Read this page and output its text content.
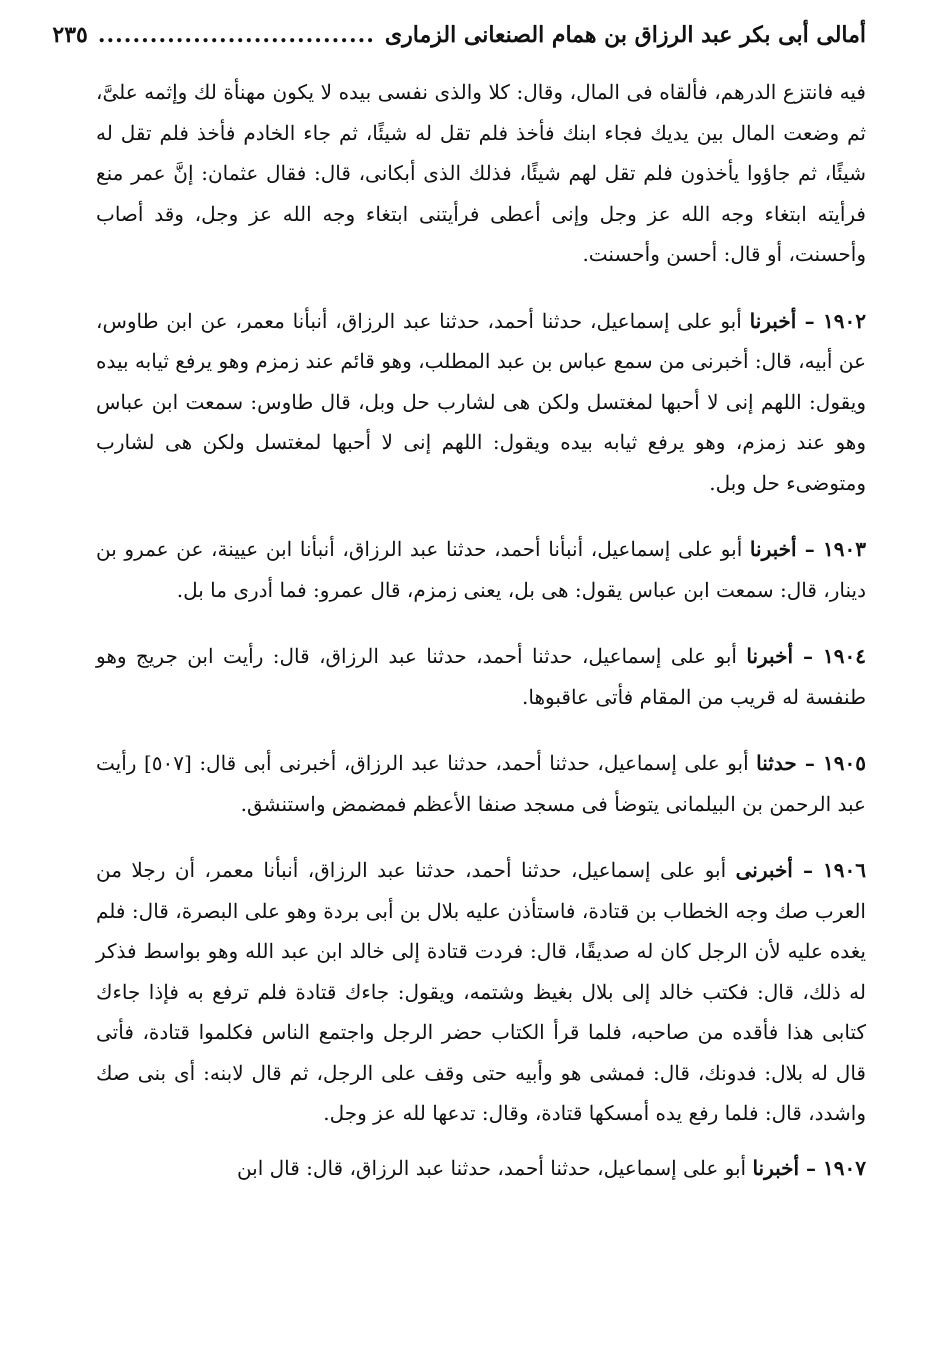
أمالى أبى بكر عبد الرزاق بن همام الصنعانى الزمارى
................................
٢٣٥

فيه فانتزع الدرهم، فألقاه فى المال، وقال: كلا والذى نفسى بيده لا يكون مهنأة لك وإثمه علىَّ، ثم وضعت المال بين يديك فجاء ابنك فأخذ فلم تقل له شيئًا، ثم جاء الخادم فأخذ فلم تقل له شيئًا، ثم جاؤوا يأخذون فلم تقل لهم شيئًا، فذلك الذى أبكانى، قال: فقال عثمان: إنَّ عمر منع فرأيته ابتغاء وجه الله عز وجل وإنى أعطى فرأيتنى ابتغاء وجه الله عز وجل، وقد أصاب وأحسنت، أو قال: أحسن وأحسنت.

١٩٠٢ – أخبرنا أبو على إسماعيل، حدثنا أحمد، حدثنا عبد الرزاق، أنبأنا معمر، عن ابن طاوس، عن أبيه، قال: أخبرنى من سمع عباس بن عبد المطلب، وهو قائم عند زمزم وهو يرفع ثيابه بيده ويقول: اللهم إنى لا أحبها لمغتسل ولكن هى لشارب حل وبل، قال طاوس: سمعت ابن عباس وهو عند زمزم، وهو يرفع ثيابه بيده ويقول: اللهم إنى لا أحبها لمغتسل ولكن هى لشارب ومتوضىء حل وبل.

١٩٠٣ – أخبرنا أبو على إسماعيل، أنبأنا أحمد، حدثنا عبد الرزاق، أنبأنا ابن عيينة، عن عمرو بن دينار، قال: سمعت ابن عباس يقول: هى بل، يعنى زمزم، قال عمرو: فما أدرى ما بل.

١٩٠٤ – أخبرنا أبو على إسماعيل، حدثنا أحمد، حدثنا عبد الرزاق، قال: رأيت ابن جريج وهو طنفسة له قريب من المقام فأتى عاقبوها.

١٩٠٥ – حدثنا أبو على إسماعيل، حدثنا أحمد، حدثنا عبد الرزاق، أخبرنى أبى قال: [٥٠٧] رأيت عبد الرحمن بن البيلمانى يتوضأ فى مسجد صنفا الأعظم فمضمض واستنشق.

١٩٠٦ – أخبرنى أبو على إسماعيل، حدثنا أحمد، حدثنا عبد الرزاق، أنبأنا معمر، أن رجلا من العرب صك وجه الخطاب بن قتادة، فاستأذن عليه بلال بن أبى بردة وهو على البصرة، قال: فلم يغده عليه لأن الرجل كان له صديقًا، قال: فردت قتادة إلى خالد ابن عبد الله وهو بواسط فذكر له ذلك، قال: فكتب خالد إلى بلال بغيظ وشتمه، ويقول: جاءك قتادة فلم ترفع به فإذا جاءك كتابى هذا فأقده من صاحبه، فلما قرأ الكتاب حضر الرجل واجتمع الناس فكلموا قتادة، فأتى قال له بلال: فدونك، قال: فمشى هو وأبيه حتى وقف على الرجل، ثم قال لابنه: أى بنى صك واشدد، قال: فلما رفع يده أمسكها قتادة، وقال: تدعها لله عز وجل.

١٩٠٧ – أخبرنا أبو على إسماعيل، حدثنا أحمد، حدثنا عبد الرزاق، قال: قال ابن
